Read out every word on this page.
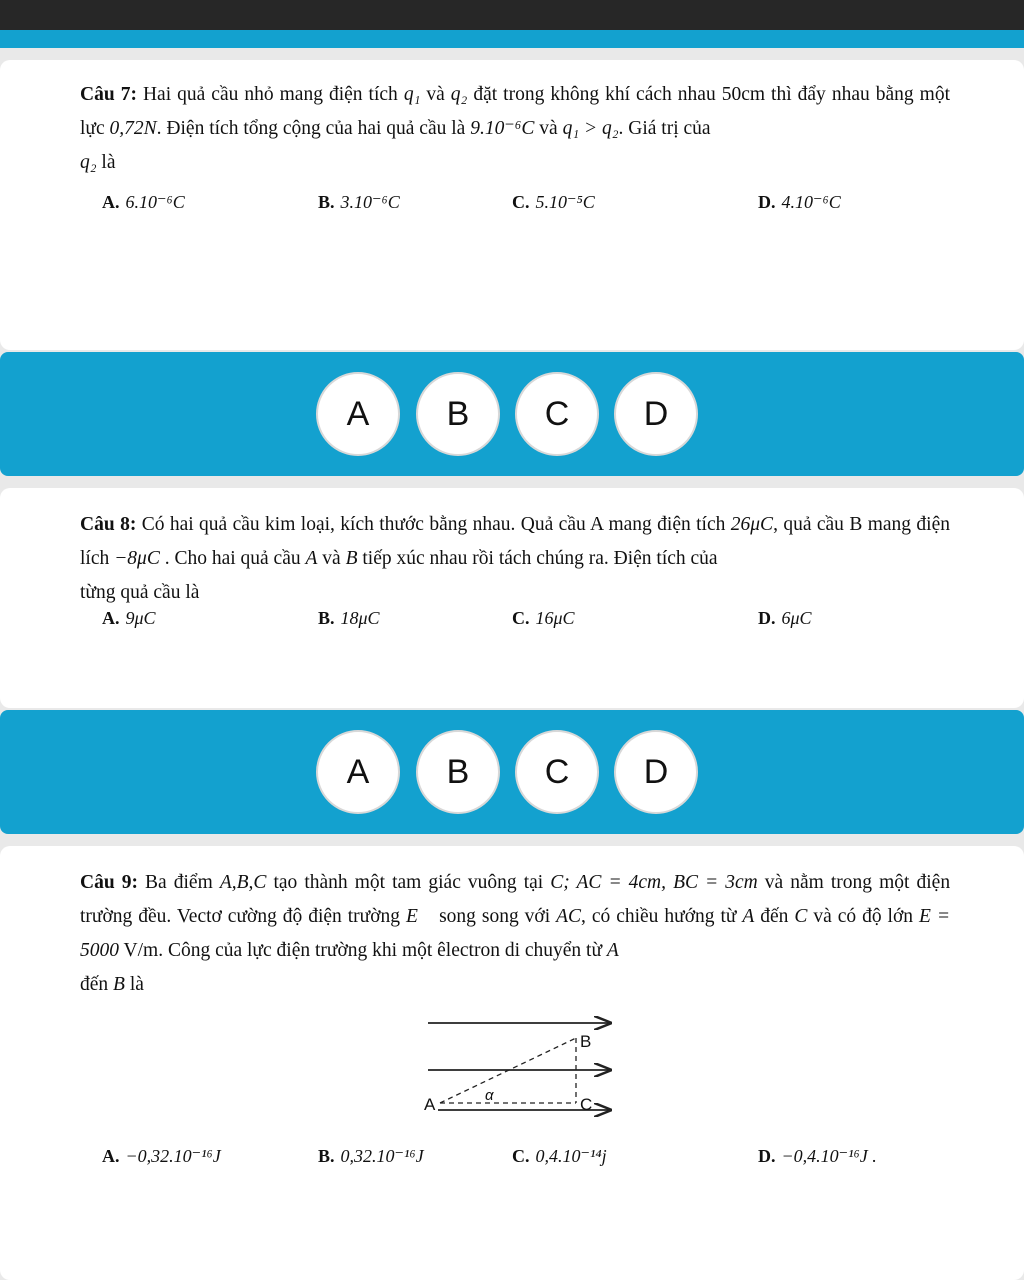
Câu 7: Hai quả cầu nhỏ mang điện tích q₁ và q₂ đặt trong không khí cách nhau 50cm thì đẩy nhau bằng một lực 0,72N. Điện tích tổng cộng của hai quả cầu là 9.10⁻⁶C và q₁ > q₂. Giá trị của
q₂ là
A. 6.10⁻⁶C	B. 3.10⁻⁶C	C. 5.10⁻⁵C	D. 4.10⁻⁶C
A	B	C	D
Câu 8: Có hai quả cầu kim loại, kích thước bằng nhau. Quả cầu A mang điện tích 26μC, quả cầu B mang điện lích −8μC . Cho hai quả cầu A và B tiếp xúc nhau rồi tách chúng ra. Điện tích của
từng quả cầu là
A. 9μC	B. 18μC	C. 16μC	D. 6μC
A	B	C	D
Câu 9: Ba điểm A,B,C tạo thành một tam giác vuông tại C; AC = 4cm, BC = 3cm và nằm trong một điện trường đều. Vectơ cường độ điện trường E⃗ song song với AC, có chiều hướng từ A đến C và có độ lớn E = 5000 V/m. Công của lực điện trường khi một êlectron di chuyển từ A
đến B là
A. −0,32.10⁻¹⁶J	B. 0,32.10⁻¹⁶J	C. 0,4.10⁻¹⁴j	D. −0,4.10⁻¹⁶J .
B
A	C
α
